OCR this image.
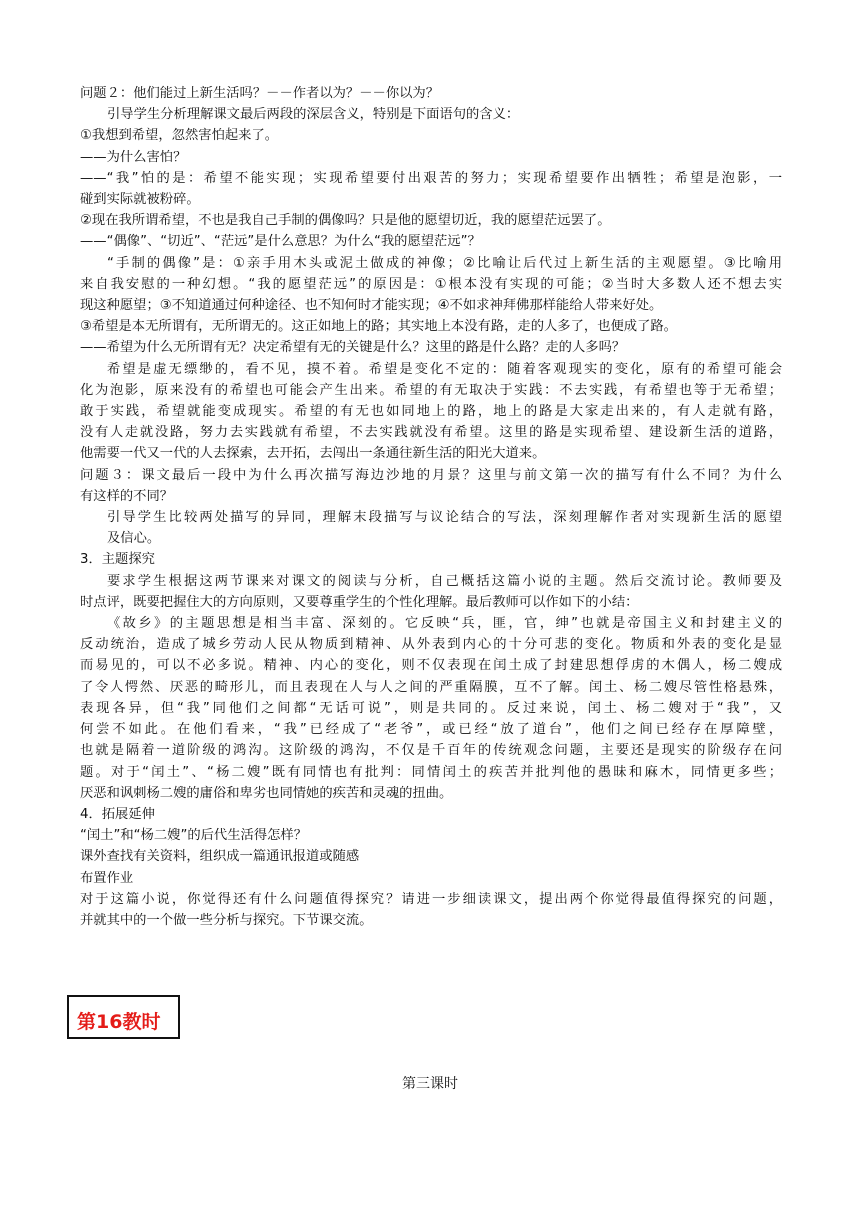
问题２：他们能过上新生活吗？－－作者以为？－－你以为？
引导学生分析理解课文最后两段的深层含义，特别是下面语句的含义：
①我想到希望，忽然害怕起来了。
——为什么害怕？
——“我”怕的是：希望不能实现；实现希望要付出艰苦的努力；实现希望要作出牺牲；希望是泡影，一
碰到实际就被粉碎。
②现在我所谓希望，不也是我自己手制的偶像吗？只是他的愿望切近，我的愿望茫远罢了。
——“偶像”、“切近”、“茫远”是什么意思？为什么“我的愿望茫远”？
“手制的偶像”是：①亲手用木头或泥土做成的神像；②比喻让后代过上新生活的主观愿望。③比喻用
来自我安慰的一种幻想。“我的愿望茫远”的原因是：①根本没有实现的可能；②当时大多数人还不想去实
现这种愿望；③不知道通过何种途径、也不知何时才能实现；④不如求神拜佛那样能给人带来好处。
③希望是本无所谓有，无所谓无的。这正如地上的路；其实地上本没有路，走的人多了，也便成了路。
——希望为什么无所谓有无？决定希望有无的关键是什么？这里的路是什么路？走的人多吗？
希望是虚无缥缈的，看不见，摸不着。希望是变化不定的：随着客观现实的变化，原有的希望可能会
化为泡影，原来没有的希望也可能会产生出来。希望的有无取决于实践：不去实践，有希望也等于无希望；
敢于实践，希望就能变成现实。希望的有无也如同地上的路，地上的路是大家走出来的，有人走就有路，
没有人走就没路，努力去实践就有希望，不去实践就没有希望。这里的路是实现希望、建设新生活的道路，
他需要一代又一代的人去探索，去开拓，去闯出一条通往新生活的阳光大道来。
问题３：课文最后一段中为什么再次描写海边沙地的月景？这里与前文第一次的描写有什么不同？为什么
有这样的不同？
引导学生比较两处描写的异同，理解末段描写与议论结合的写法，深刻理解作者对实现新生活的愿望
及信心。
3．主题探究
要求学生根据这两节课来对课文的阅读与分析，自己概括这篇小说的主题。然后交流讨论。教师要及
时点评，既要把握住大的方向原则，又要尊重学生的个性化理解。最后教师可以作如下的小结：
《故乡》的主题思想是相当丰富、深刻的。它反映“兵，匪，官，绅”也就是帝国主义和封建主义的
反动统治，造成了城乡劳动人民从物质到精神、从外表到内心的十分可悲的变化。物质和外表的变化是显
而易见的，可以不必多说。精神、内心的变化，则不仅表现在闰土成了封建思想俘虏的木偶人，杨二嫂成
了令人愕然、厌恶的畸形儿，而且表现在人与人之间的严重隔膜，互不了解。闰土、杨二嫂尽管性格悬殊，
表现各异，但“我”同他们之间都“无话可说”，则是共同的。反过来说，闰土、杨二嫂对于“我”，又
何尝不如此。在他们看来，“我”已经成了“老爷”，或已经“放了道台”，他们之间已经存在厚障壁，
也就是隔着一道阶级的鸿沟。这阶级的鸿沟，不仅是千百年的传统观念问题，主要还是现实的阶级存在问
题。对于“闰土”、“杨二嫂”既有同情也有批判：同情闰土的疾苦并批判他的愚昧和麻木，同情更多些；
厌恶和讽刺杨二嫂的庸俗和卑劣也同情她的疾苦和灵魂的扭曲。
4．拓展延伸
“闰土”和“杨二嫂”的后代生活得怎样？
课外查找有关资料，组织成一篇通讯报道或随感
布置作业
对于这篇小说，你觉得还有什么问题值得探究？请进一步细读课文，提出两个你觉得最值得探究的问题，
并就其中的一个做一些分析与探究。下节课交流。
第16教时
第三课时
